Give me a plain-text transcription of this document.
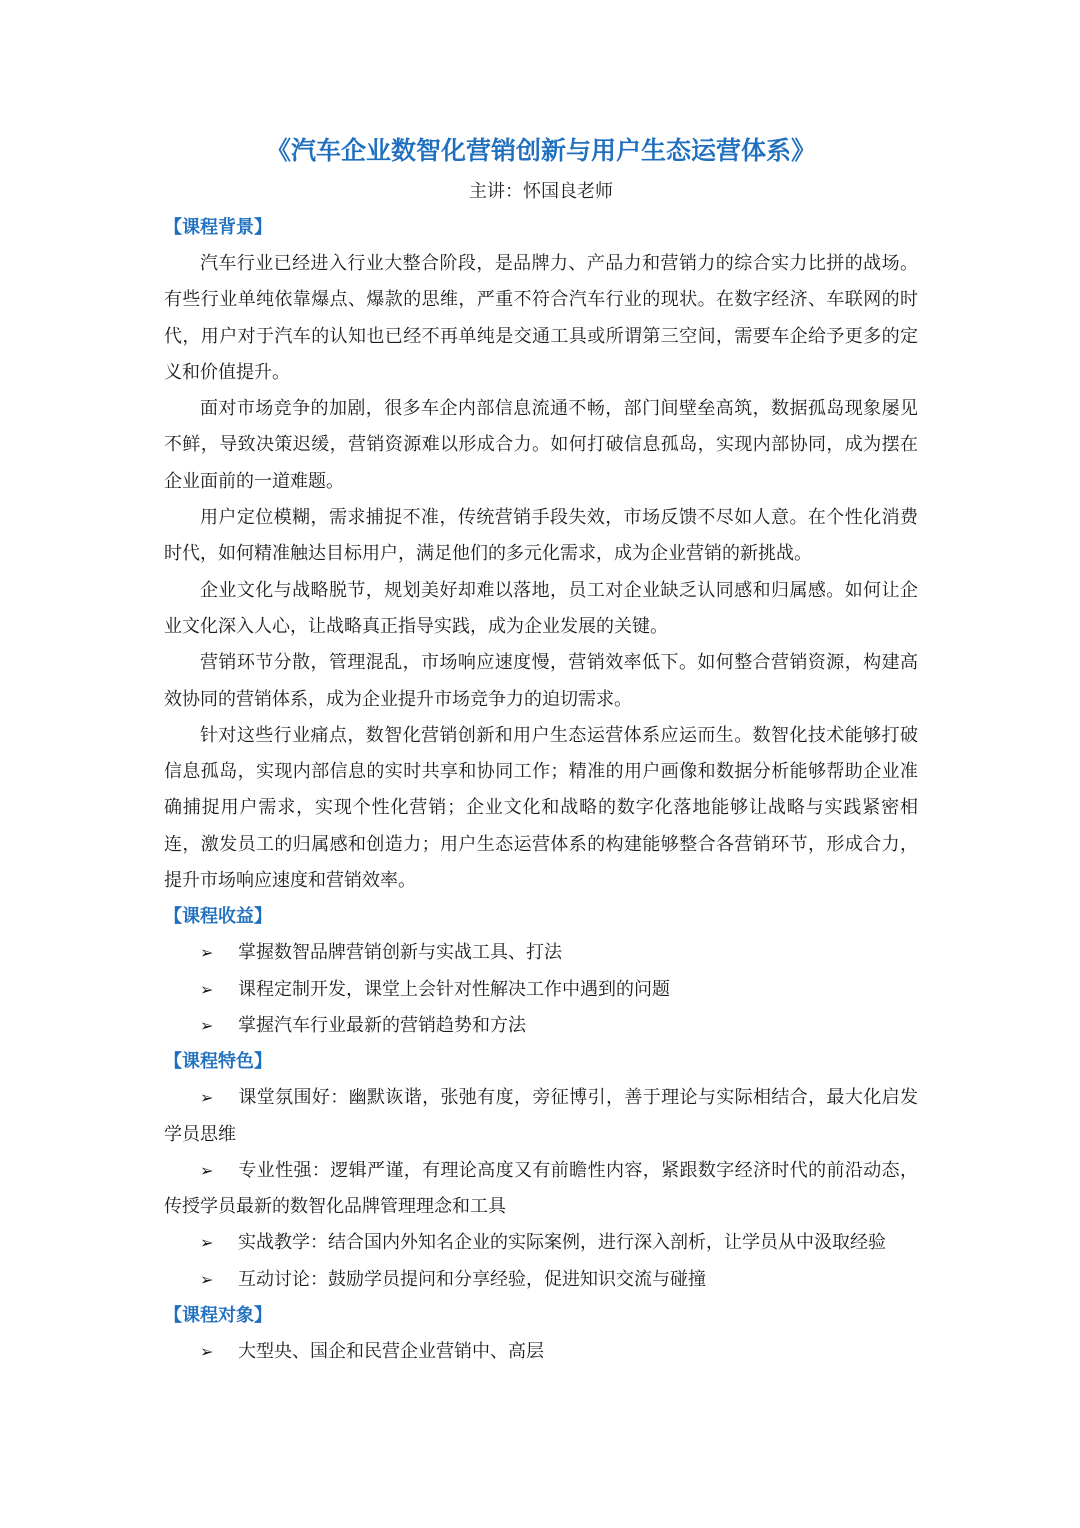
《汽车企业数智化营销创新与用户生态运营体系》

主讲：怀国良老师

【课程背景】

汽车行业已经进入行业大整合阶段，是品牌力、产品力和营销力的综合实力比拼的战场。有些行业单纯依靠爆点、爆款的思维，严重不符合汽车行业的现状。在数字经济、车联网的时代，用户对于汽车的认知也已经不再单纯是交通工具或所谓第三空间，需要车企给予更多的定义和价值提升。

面对市场竞争的加剧，很多车企内部信息流通不畅，部门间壁垒高筑，数据孤岛现象屡见不鲜，导致决策迟缓，营销资源难以形成合力。如何打破信息孤岛，实现内部协同，成为摆在企业面前的一道难题。

用户定位模糊，需求捕捉不准，传统营销手段失效，市场反馈不尽如人意。在个性化消费时代，如何精准触达目标用户，满足他们的多元化需求，成为企业营销的新挑战。

企业文化与战略脱节，规划美好却难以落地，员工对企业缺乏认同感和归属感。如何让企业文化深入人心，让战略真正指导实践，成为企业发展的关键。

营销环节分散，管理混乱，市场响应速度慢，营销效率低下。如何整合营销资源，构建高效协同的营销体系，成为企业提升市场竞争力的迫切需求。

针对这些行业痛点，数智化营销创新和用户生态运营体系应运而生。数智化技术能够打破信息孤岛，实现内部信息的实时共享和协同工作；精准的用户画像和数据分析能够帮助企业准确捕捉用户需求，实现个性化营销；企业文化和战略的数字化落地能够让战略与实践紧密相连，激发员工的归属感和创造力；用户生态运营体系的构建能够整合各营销环节，形成合力，提升市场响应速度和营销效率。

【课程收益】

➢ 掌握数智品牌营销创新与实战工具、打法
➢ 课程定制开发，课堂上会针对性解决工作中遇到的问题
➢ 掌握汽车行业最新的营销趋势和方法

【课程特色】

➢ 课堂氛围好：幽默诙谐，张弛有度，旁征博引，善于理论与实际相结合，最大化启发学员思维
➢ 专业性强：逻辑严谨，有理论高度又有前瞻性内容，紧跟数字经济时代的前沿动态，传授学员最新的数智化品牌管理理念和工具
➢ 实战教学：结合国内外知名企业的实际案例，进行深入剖析，让学员从中汲取经验
➢ 互动讨论：鼓励学员提问和分享经验，促进知识交流与碰撞

【课程对象】

➢ 大型央、国企和民营企业营销中、高层
